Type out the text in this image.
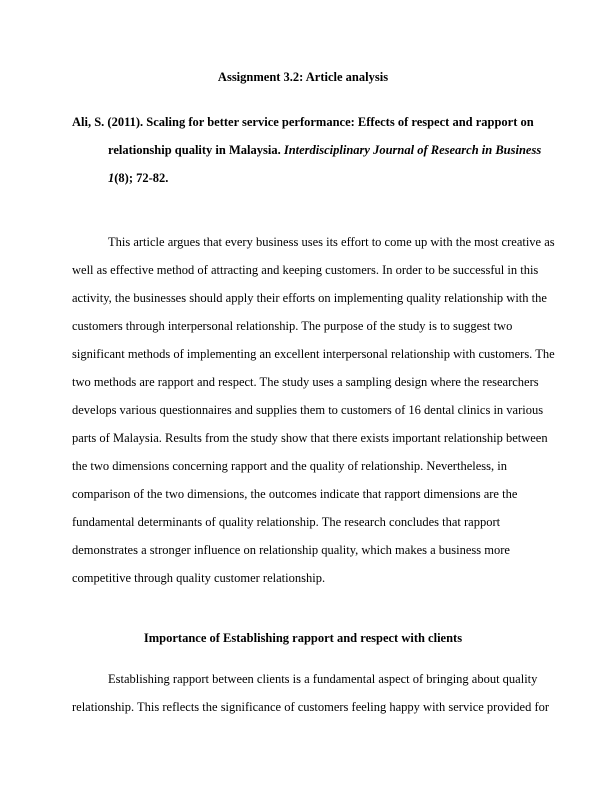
Assignment 3.2: Article analysis
Ali, S. (2011). Scaling for better service performance: Effects of respect and rapport on
relationship quality in Malaysia. Interdisciplinary Journal of Research in Business
1(8); 72-82.
This article argues that every business uses its effort to come up with the most creative as
well as effective method of attracting and keeping customers. In order to be successful in this
activity, the businesses should apply their efforts on implementing quality relationship with the
customers through interpersonal relationship. The purpose of the study is to suggest two
significant methods of implementing an excellent interpersonal relationship with customers. The
two methods are rapport and respect. The study uses a sampling design where the researchers
develops various questionnaires and supplies them to customers of 16 dental clinics in various
parts of Malaysia. Results from the study show that there exists important relationship between
the two dimensions concerning rapport and the quality of relationship. Nevertheless, in
comparison of the two dimensions, the outcomes indicate that rapport dimensions are the
fundamental determinants of quality relationship. The research concludes that rapport
demonstrates a stronger influence on relationship quality, which makes a business more
competitive through quality customer relationship.
Importance of Establishing rapport and respect with clients
Establishing rapport between clients is a fundamental aspect of bringing about quality
relationship. This reflects the significance of customers feeling happy with service provided for
